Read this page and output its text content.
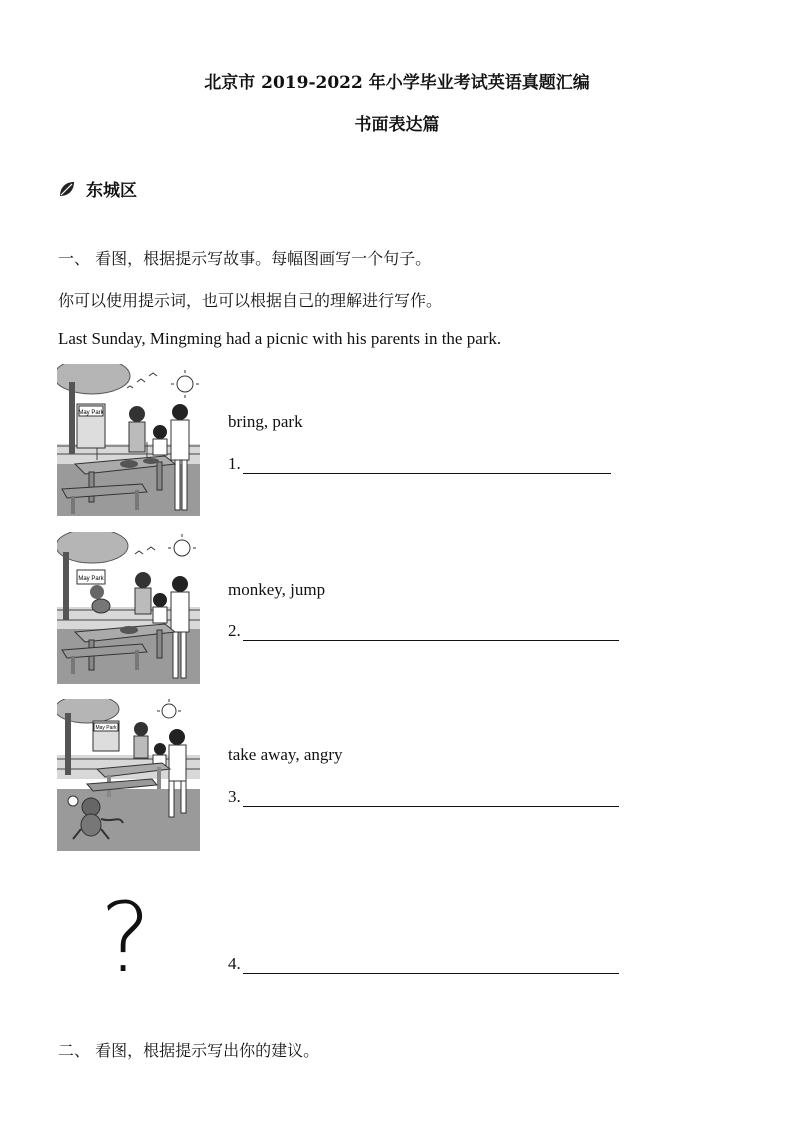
北京市 2019-2022 年小学毕业考试英语真题汇编
书面表达篇
东城区
一、 看图，根据提示写故事。每幅图画写一个句子。
你可以使用提示词，也可以根据自己的理解进行写作。
Last Sunday, Mingming had a picnic with his parents in the park.
May Park	bring, park
1.
May Park
monkey, jump
2.
May Park
take away, angry
3.
?	4.
二、 看图，根据提示写出你的建议。
